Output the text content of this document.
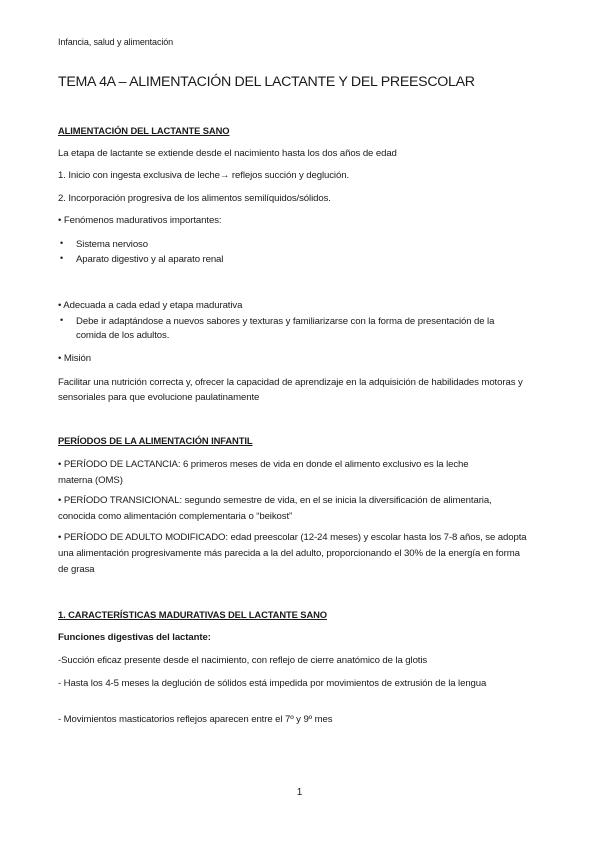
Infancia, salud y alimentación
TEMA 4A – ALIMENTACIÓN DEL LACTANTE Y DEL PREESCOLAR
ALIMENTACIÓN DEL LACTANTE SANO
La etapa de lactante se extiende desde el nacimiento hasta los dos años de edad
1. Inicio con ingesta exclusiva de leche→ reflejos succión y deglución.
2. Incorporación progresiva de los alimentos semilíquidos/sólidos.
• Fenómenos madurativos importantes:
• Sistema nervioso
• Aparato digestivo y al aparato renal
• Adecuada a cada edad y etapa madurativa
• Debe ir adaptándose a nuevos sabores y texturas y familiarizarse con la forma de presentación de la comida de los adultos.
• Misión
Facilitar una nutrición correcta y, ofrecer la capacidad de aprendizaje en la adquisición de habilidades motoras y sensoriales para que evolucione paulatinamente
PERÍODOS DE LA ALIMENTACIÓN INFANTIL
• PERÍODO DE LACTANCIA: 6 primeros meses de vida en donde el alimento exclusivo es la leche materna (OMS)
• PERÍODO TRANSICIONAL: segundo semestre de vida, en el se inicia la diversificación de alimentaria, conocida como alimentación complementaria o “beikost”
• PERÍODO DE ADULTO MODIFICADO: edad preescolar (12-24 meses) y escolar hasta los 7-8 años, se adopta una alimentación progresivamente más parecida a la del adulto, proporcionando el 30% de la energía en forma de grasa
1. CARACTERÍSTICAS MADURATIVAS DEL LACTANTE SANO
Funciones digestivas del lactante:
-Succión eficaz presente desde el nacimiento, con reflejo de cierre anatómico de la glotis
- Hasta los 4-5 meses la deglución de sólidos está impedida por movimientos de extrusión de la lengua
- Movimientos masticatorios reflejos aparecen entre el 7º y 9º mes
1
